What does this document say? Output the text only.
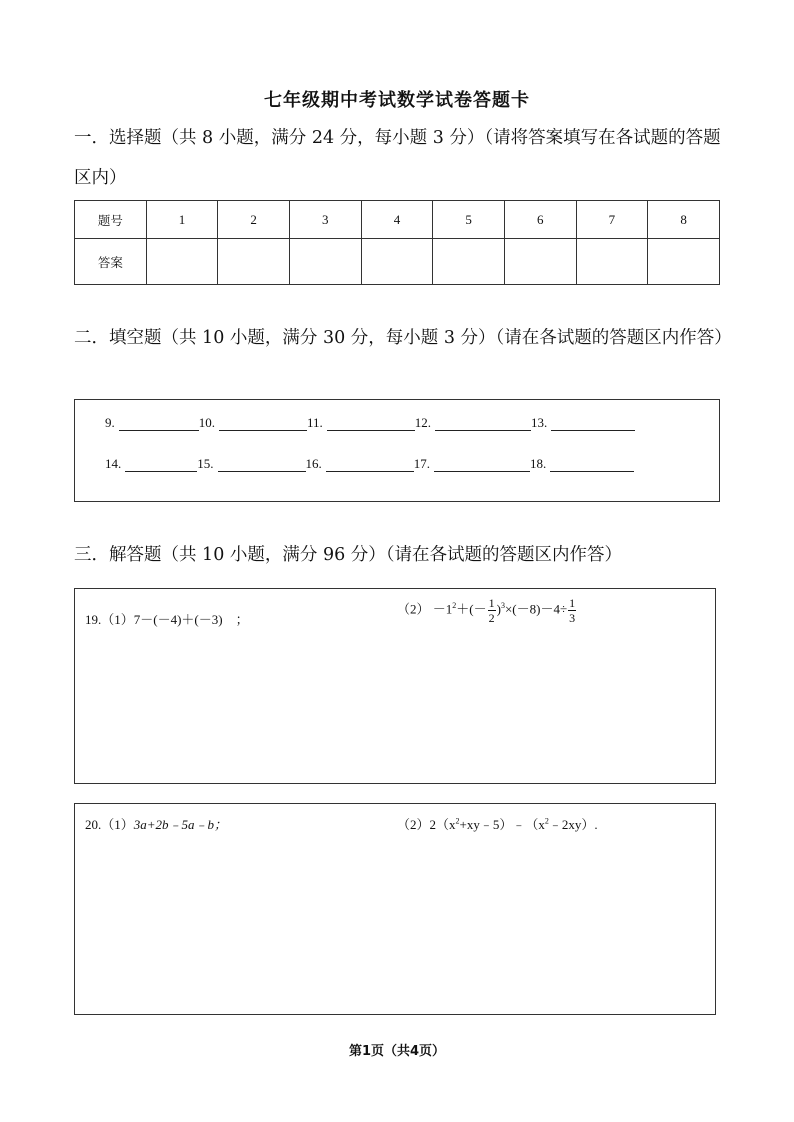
七年级期中考试数学试卷答题卡
一．选择题（共 8 小题，满分 24 分，每小题 3 分）（请将答案填写在各试题的答题区内）
题号	1	2	3	4	5	6	7	8
答案								
二．填空题（共 10 小题，满分 30 分，每小题 3 分）（请在各试题的答题区内作答）
9.	10.	11.	12.	13.
14.	15.	16.	17.	18.
三．解答题（共 10 小题，满分 96 分）（请在各试题的答题区内作答）
19.（1）7－(－4)＋(－3)　；
$(2) -1^2+(- \frac{1}{2} )^3\times(-8)-4\div \frac{1}{3}$
20.（1）3a+2b﹣5a﹣b；	$(2)2(x^2+xy﹣5)﹣(x^2﹣2xy)$.
第1页（共4页）
